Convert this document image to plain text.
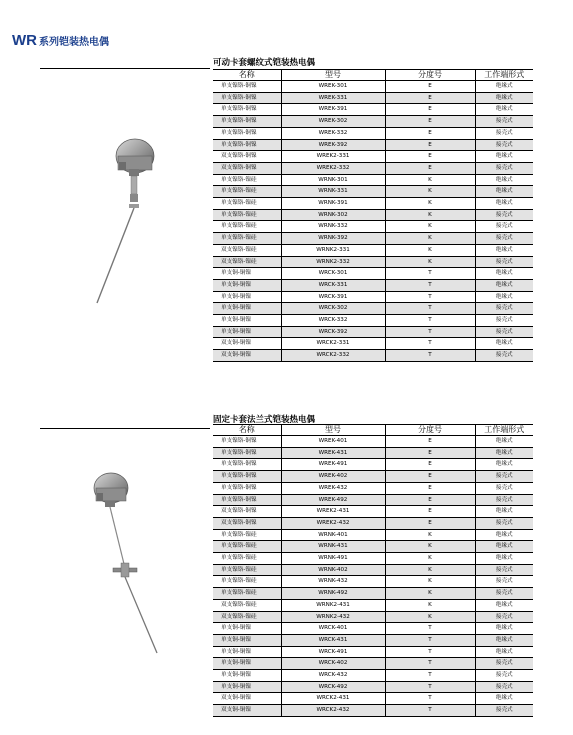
WR 系列铠装热电偶
可动卡套螺纹式铠装热电偶
名称	型号	分度号	工作端形式
单支镍铬-铜镍	WREK-301	E	绝缘式
单支镍铬-铜镍	WREK-331	E	绝缘式
单支镍铬-铜镍	WREK-391	E	绝缘式
单支镍铬-铜镍	WREK-302	E	接壳式
单支镍铬-铜镍	WREK-332	E	接壳式
单支镍铬-铜镍	WREK-392	E	接壳式
双支镍铬-铜镍	WREK2-331	E	绝缘式
双支镍铬-铜镍	WREK2-332	E	接壳式
单支镍铬-镍硅	WRNK-301	K	绝缘式
单支镍铬-镍硅	WRNK-331	K	绝缘式
单支镍铬-镍硅	WRNK-391	K	绝缘式
单支镍铬-镍硅	WRNK-302	K	接壳式
单支镍铬-镍硅	WRNK-332	K	接壳式
单支镍铬-镍硅	WRNK-392	K	接壳式
双支镍铬-镍硅	WRNK2-331	K	绝缘式
双支镍铬-镍硅	WRNK2-332	K	接壳式
单支铜-铜镍	WRCK-301	T	绝缘式
单支铜-铜镍	WRCK-331	T	绝缘式
单支铜-铜镍	WRCK-391	T	绝缘式
单支铜-铜镍	WRCK-302	T	接壳式
单支铜-铜镍	WRCK-332	T	接壳式
单支铜-铜镍	WRCK-392	T	接壳式
双支铜-铜镍	WRCK2-331	T	绝缘式
双支铜-铜镍	WRCK2-332	T	接壳式
固定卡套法兰式铠装热电偶
名称	型号	分度号	工作端形式
单支镍铬-铜镍	WREK-401	E	绝缘式
单支镍铬-铜镍	WREK-431	E	绝缘式
单支镍铬-铜镍	WREK-491	E	绝缘式
单支镍铬-铜镍	WREK-402	E	接壳式
单支镍铬-铜镍	WREK-432	E	接壳式
单支镍铬-铜镍	WREK-492	E	接壳式
双支镍铬-铜镍	WREK2-431	E	绝缘式
双支镍铬-铜镍	WREK2-432	E	接壳式
单支镍铬-镍硅	WRNK-401	K	绝缘式
单支镍铬-镍硅	WRNK-431	K	绝缘式
单支镍铬-镍硅	WRNK-491	K	绝缘式
单支镍铬-镍硅	WRNK-402	K	接壳式
单支镍铬-镍硅	WRNK-432	K	接壳式
单支镍铬-镍硅	WRNK-492	K	接壳式
双支镍铬-镍硅	WRNK2-431	K	绝缘式
双支镍铬-镍硅	WRNK2-432	K	接壳式
单支铜-铜镍	WRCK-401	T	绝缘式
单支铜-铜镍	WRCK-431	T	绝缘式
单支铜-铜镍	WRCK-491	T	绝缘式
单支铜-铜镍	WRCK-402	T	接壳式
单支铜-铜镍	WRCK-432	T	接壳式
单支铜-铜镍	WRCK-492	T	接壳式
双支铜-铜镍	WRCK2-431	T	绝缘式
双支铜-铜镍	WRCK2-432	T	接壳式
